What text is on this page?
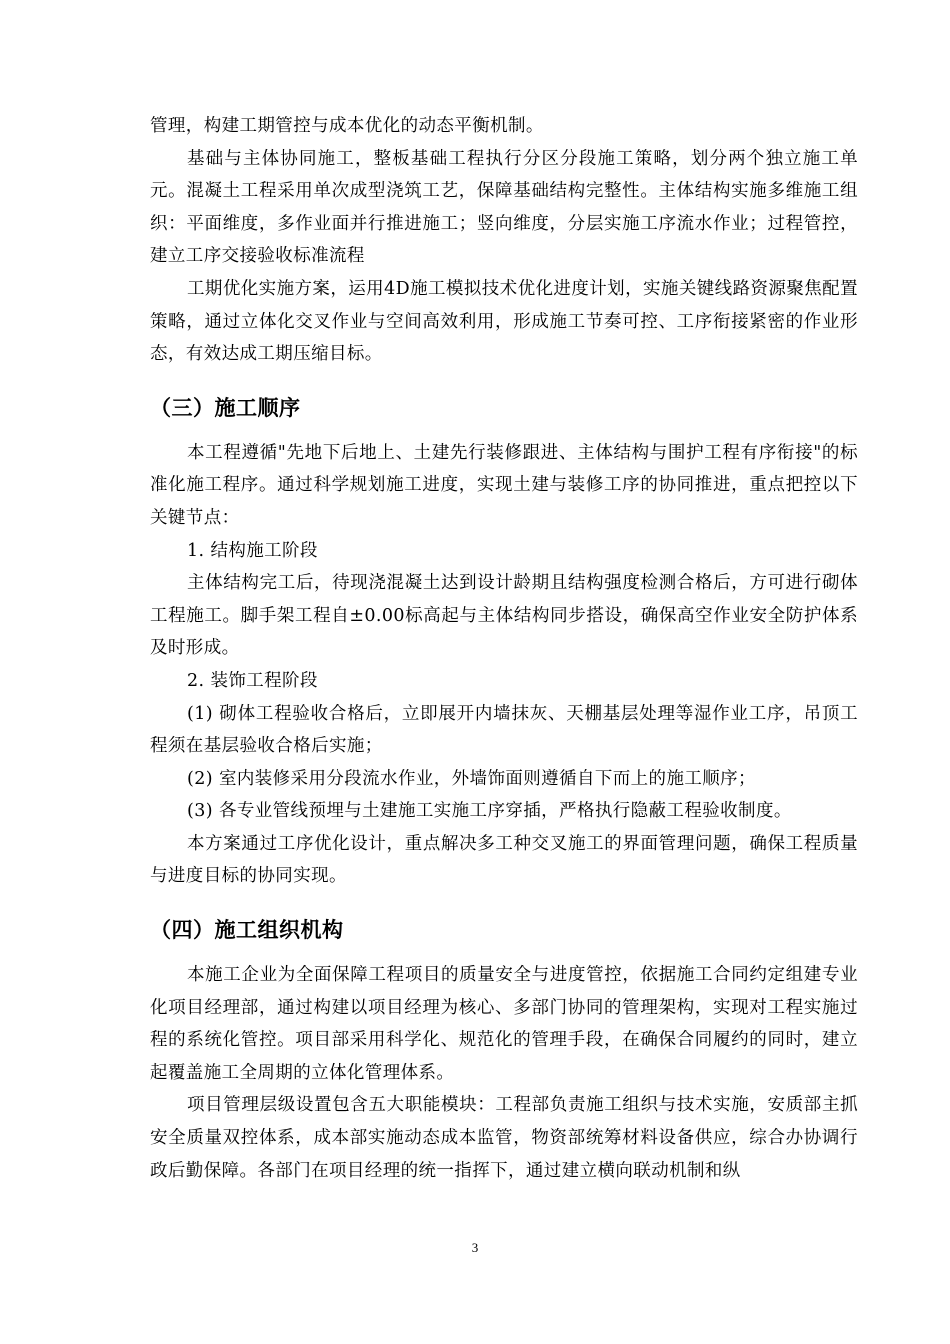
管理，构建工期管控与成本优化的动态平衡机制。

基础与主体协同施工，整板基础工程执行分区分段施工策略，划分两个独立施工单元。混凝土工程采用单次成型浇筑工艺，保障基础结构完整性。主体结构实施多维施工组织：平面维度，多作业面并行推进施工；竖向维度，分层实施工序流水作业；过程管控，建立工序交接验收标准流程

工期优化实施方案，运用4D施工模拟技术优化进度计划，实施关键线路资源聚焦配置策略，通过立体化交叉作业与空间高效利用，形成施工节奏可控、工序衔接紧密的作业形态，有效达成工期压缩目标。

（三）施工顺序

本工程遵循"先地下后地上、土建先行装修跟进、主体结构与围护工程有序衔接"的标准化施工程序。通过科学规划施工进度，实现土建与装修工序的协同推进，重点把控以下关键节点：

1. 结构施工阶段

主体结构完工后，待现浇混凝土达到设计龄期且结构强度检测合格后，方可进行砌体工程施工。脚手架工程自±0.00标高起与主体结构同步搭设，确保高空作业安全防护体系及时形成。

2. 装饰工程阶段

(1) 砌体工程验收合格后，立即展开内墙抹灰、天棚基层处理等湿作业工序，吊顶工程须在基层验收合格后实施；

(2) 室内装修采用分段流水作业，外墙饰面则遵循自下而上的施工顺序；

(3) 各专业管线预埋与土建施工实施工序穿插，严格执行隐蔽工程验收制度。

本方案通过工序优化设计，重点解决多工种交叉施工的界面管理问题，确保工程质量与进度目标的协同实现。

（四）施工组织机构

本施工企业为全面保障工程项目的质量安全与进度管控，依据施工合同约定组建专业化项目经理部，通过构建以项目经理为核心、多部门协同的管理架构，实现对工程实施过程的系统化管控。项目部采用科学化、规范化的管理手段，在确保合同履约的同时，建立起覆盖施工全周期的立体化管理体系。

项目管理层级设置包含五大职能模块：工程部负责施工组织与技术实施，安质部主抓安全质量双控体系，成本部实施动态成本监管，物资部统筹材料设备供应，综合办协调行政后勤保障。各部门在项目经理的统一指挥下，通过建立横向联动机制和纵

3
